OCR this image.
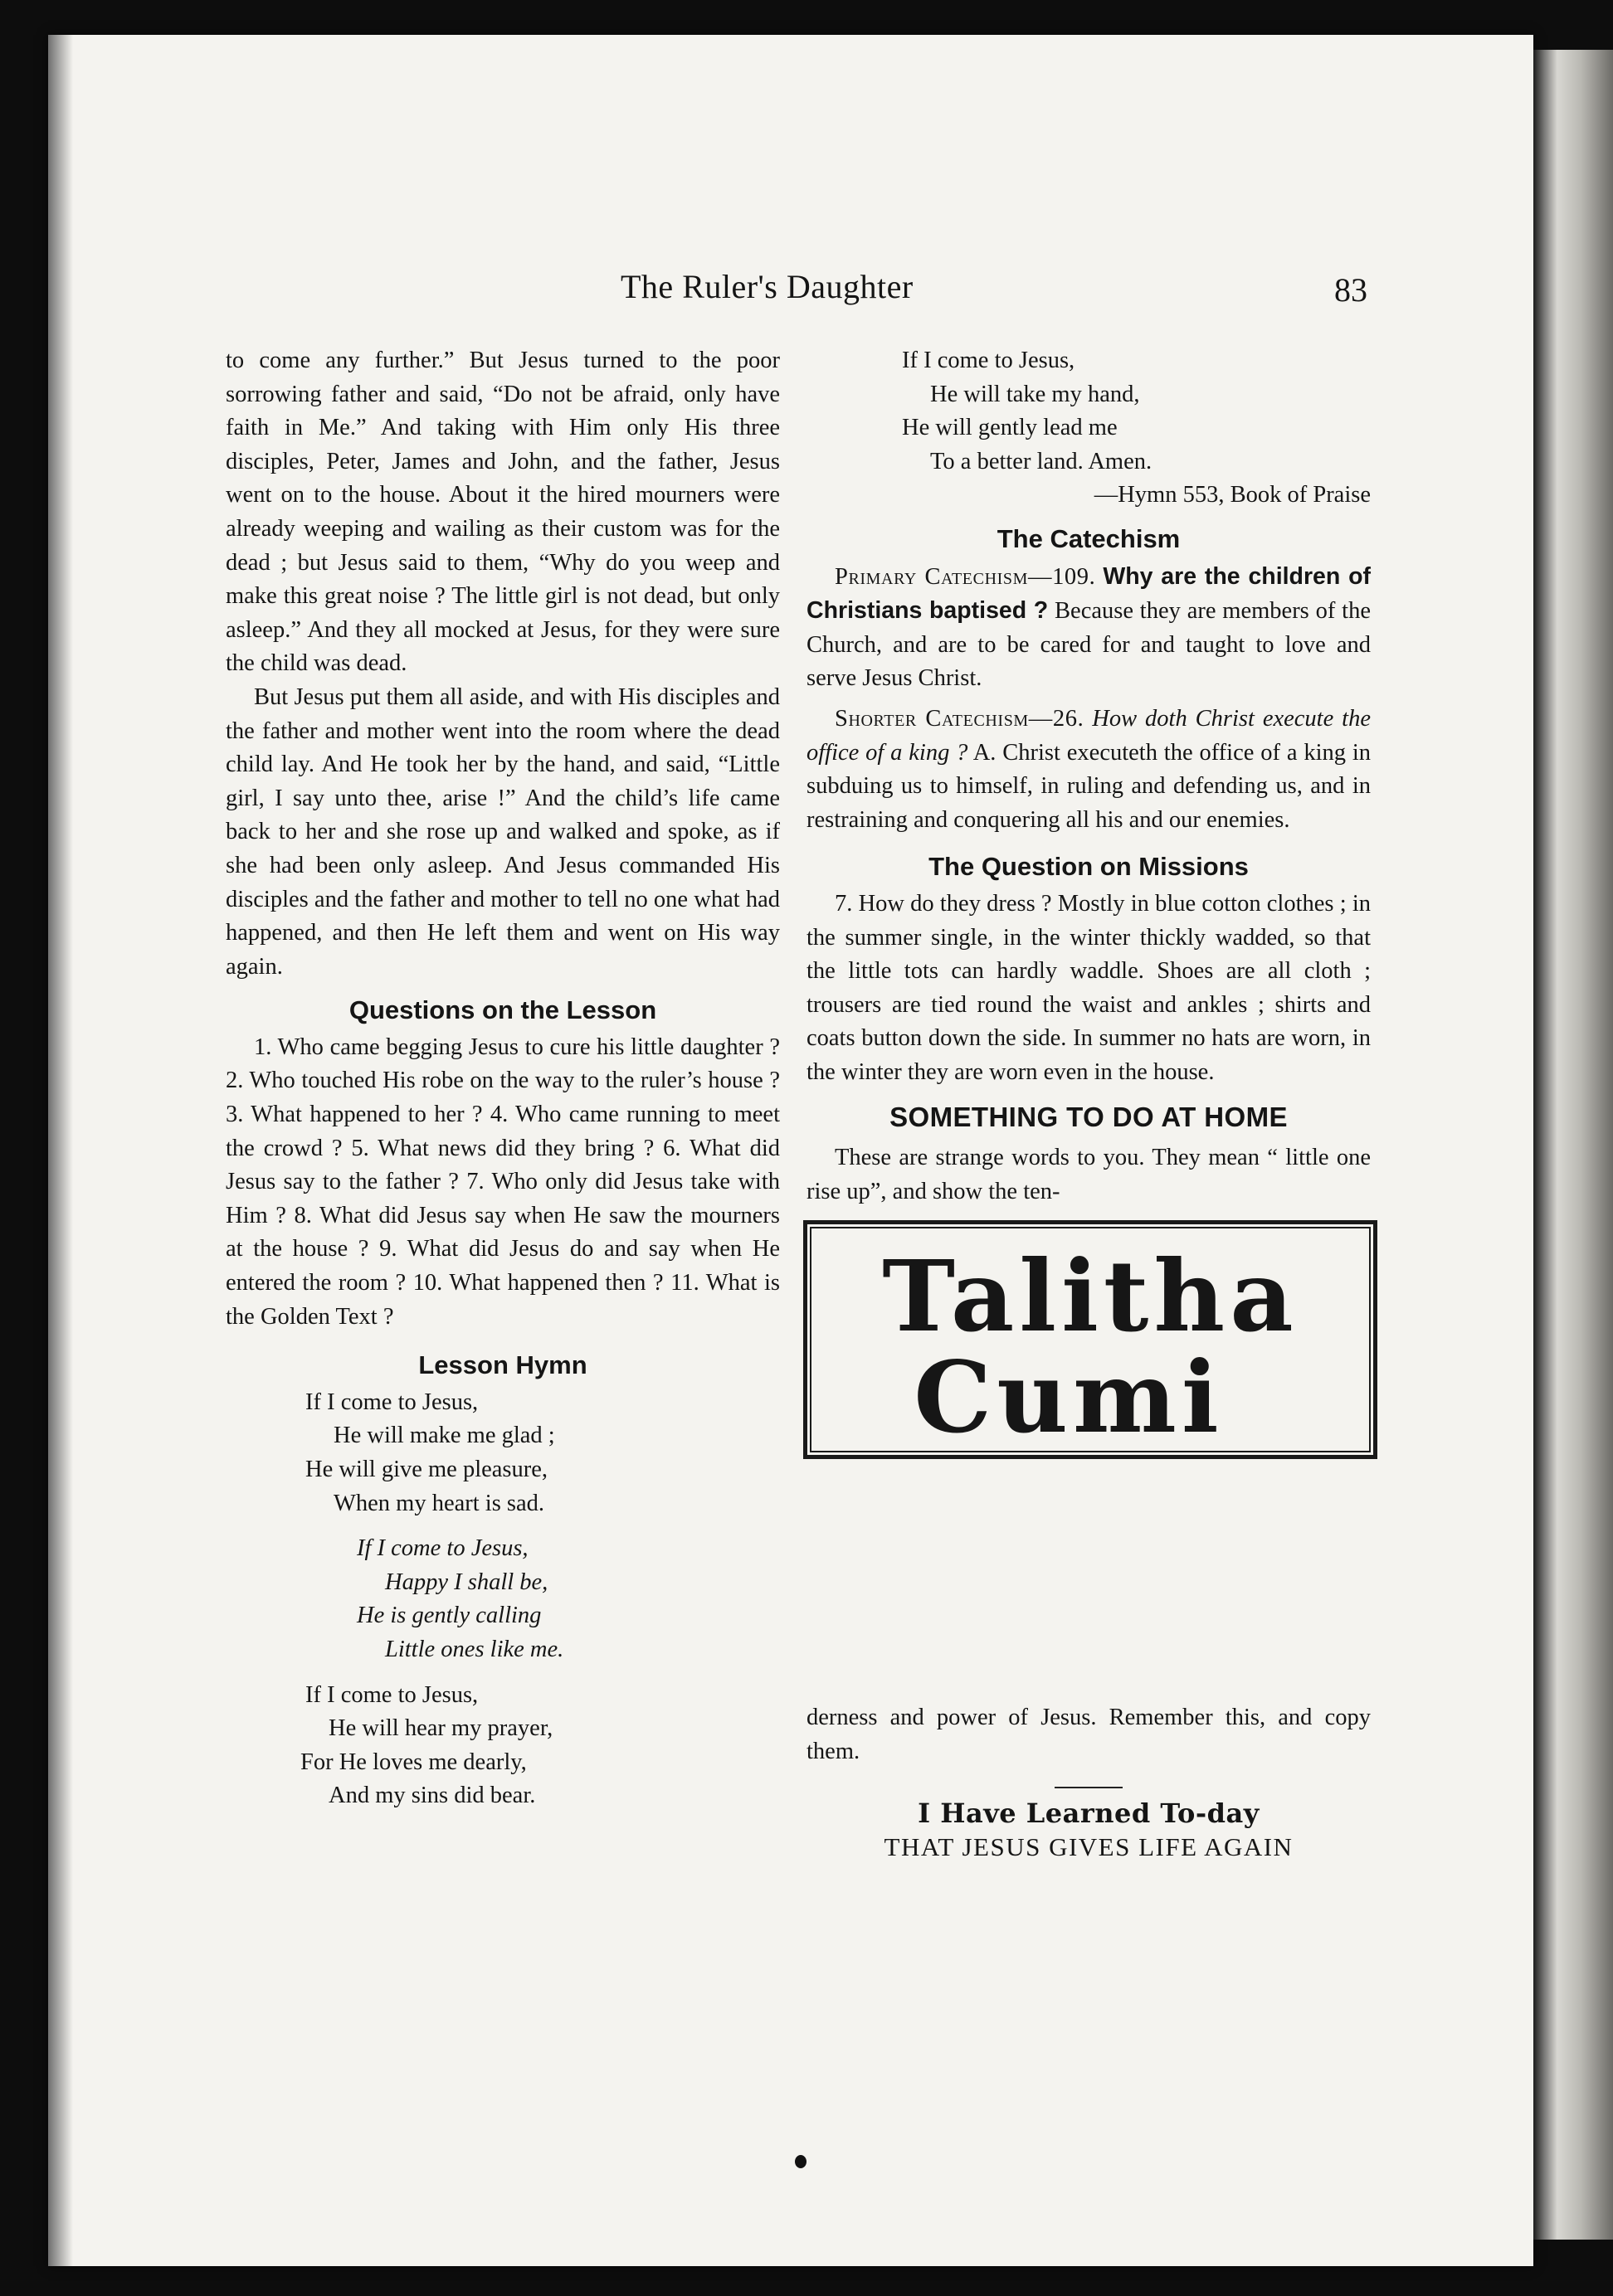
The Ruler's Daughter	83

to come any further.” But Jesus turned to the poor sorrowing father and said, “Do not be afraid, only have faith in Me.” And taking with Him only His three disciples, Peter, James and John, and the father, Jesus went on to the house. About it the hired mourners were already weeping and wailing as their custom was for the dead ; but Jesus said to them, “Why do you weep and make this great noise ? The little girl is not dead, but only asleep.” And they all mocked at Jesus, for they were sure the child was dead.

But Jesus put them all aside, and with His disciples and the father and mother went into the room where the dead child lay. And He took her by the hand, and said, “Little girl, I say unto thee, arise !” And the child’s life came back to her and she rose up and walked and spoke, as if she had been only asleep. And Jesus commanded His disciples and the father and mother to tell no one what had happened, and then He left them and went on His way again.

Questions on the Lesson

1. Who came begging Jesus to cure his little daughter ? 2. Who touched His robe on the way to the ruler’s house ? 3. What happened to her ? 4. Who came running to meet the crowd ? 5. What news did they bring ? 6. What did Jesus say to the father ? 7. Who only did Jesus take with Him ? 8. What did Jesus say when He saw the mourners at the house ? 9. What did Jesus do and say when He entered the room ? 10. What happened then ? 11. What is the Golden Text ?

Lesson Hymn
If I come to Jesus,
He will make me glad ;
He will give me pleasure,
When my heart is sad.
If I come to Jesus,
Happy I shall be,
He is gently calling
Little ones like me.
If I come to Jesus,
He will hear my prayer,
For He loves me dearly,
And my sins did bear.
If I come to Jesus,
He will take my hand,
He will gently lead me
To a better land. Amen.
—Hymn 553, Book of Praise
The Catechism

Primary Catechism—109. Why are the children of Christians baptised ? Because they are members of the Church, and are to be cared for and taught to love and serve Jesus Christ.

Shorter Catechism—26. How doth Christ execute the office of a king ? A. Christ executeth the office of a king in subduing us to himself, in ruling and defending us, and in restraining and conquering all his and our enemies.

The Question on Missions

7. How do they dress ? Mostly in blue cotton clothes ; in the summer single, in the winter thickly wadded, so that the little tots can hardly waddle. Shoes are all cloth ; trousers are tied round the waist and ankles ; shirts and coats button down the side. In summer no hats are worn, in the winter they are worn even in the house.

SOMETHING TO DO AT HOME

These are strange words to you. They mean “ little one rise up”, and show the ten-

Talitha
Cumi

derness and power of Jesus. Remember this, and copy them.

I Have Learned To-day
THAT JESUS GIVES LIFE AGAIN
